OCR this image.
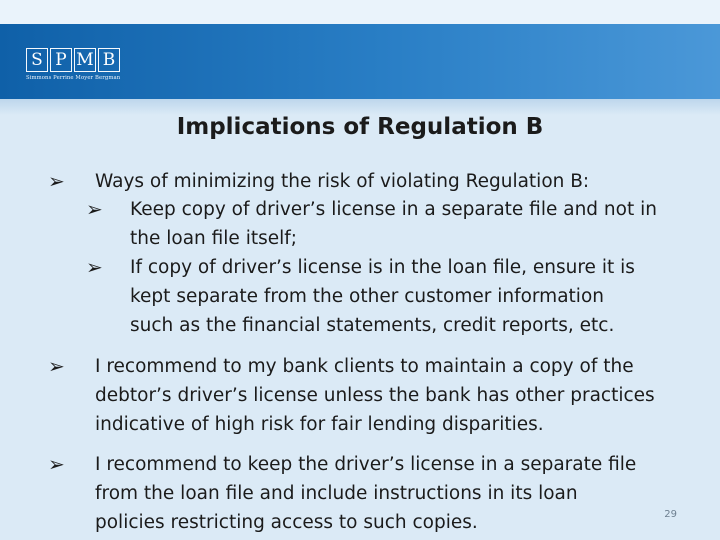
S P M B
Simmons Perrine Moyer Bergman
Implications of Regulation B
➢ Ways of minimizing the risk of violating Regulation B:
➢ Keep copy of driver’s license in a separate file and not in
the loan file itself;
➢ If copy of driver’s license is in the loan file, ensure it is
kept separate from the other customer information
such as the financial statements, credit reports, etc.
➢ I recommend to my bank clients to maintain a copy of the
debtor’s driver’s license unless the bank has other practices
indicative of high risk for fair lending disparities.
➢ I recommend to keep the driver’s license in a separate file
from the loan file and include instructions in its loan
policies restricting access to such copies.	29
